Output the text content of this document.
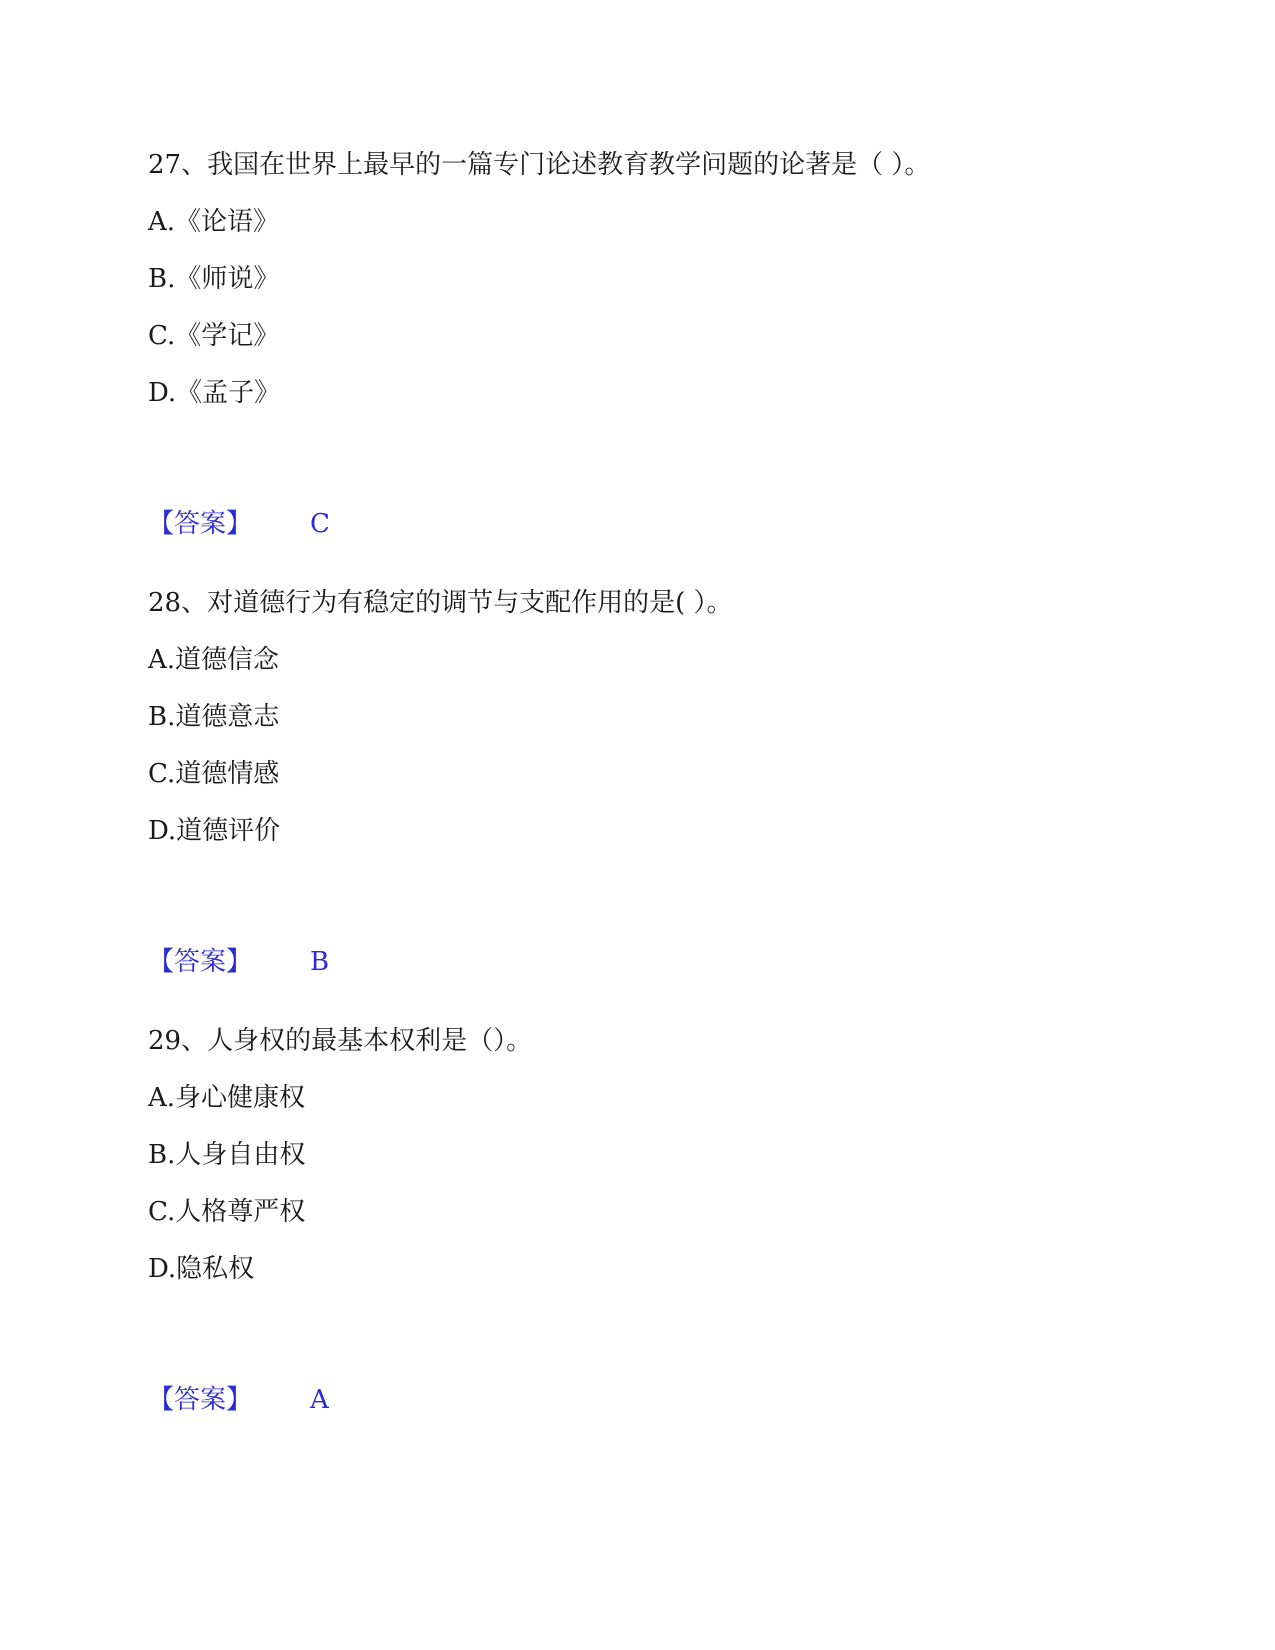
27、我国在世界上最早的一篇专门论述教育教学问题的论著是（ ）。
A.《论语》
B.《师说》
C.《学记》
D.《孟子》
【答案】 C
28、对道德行为有稳定的调节与支配作用的是( ）。
A.道德信念
B.道德意志
C.道德情感
D.道德评价
【答案】 B
29、人身权的最基本权利是（）。
A.身心健康权
B.人身自由权
C.人格尊严权
D.隐私权
【答案】 A
